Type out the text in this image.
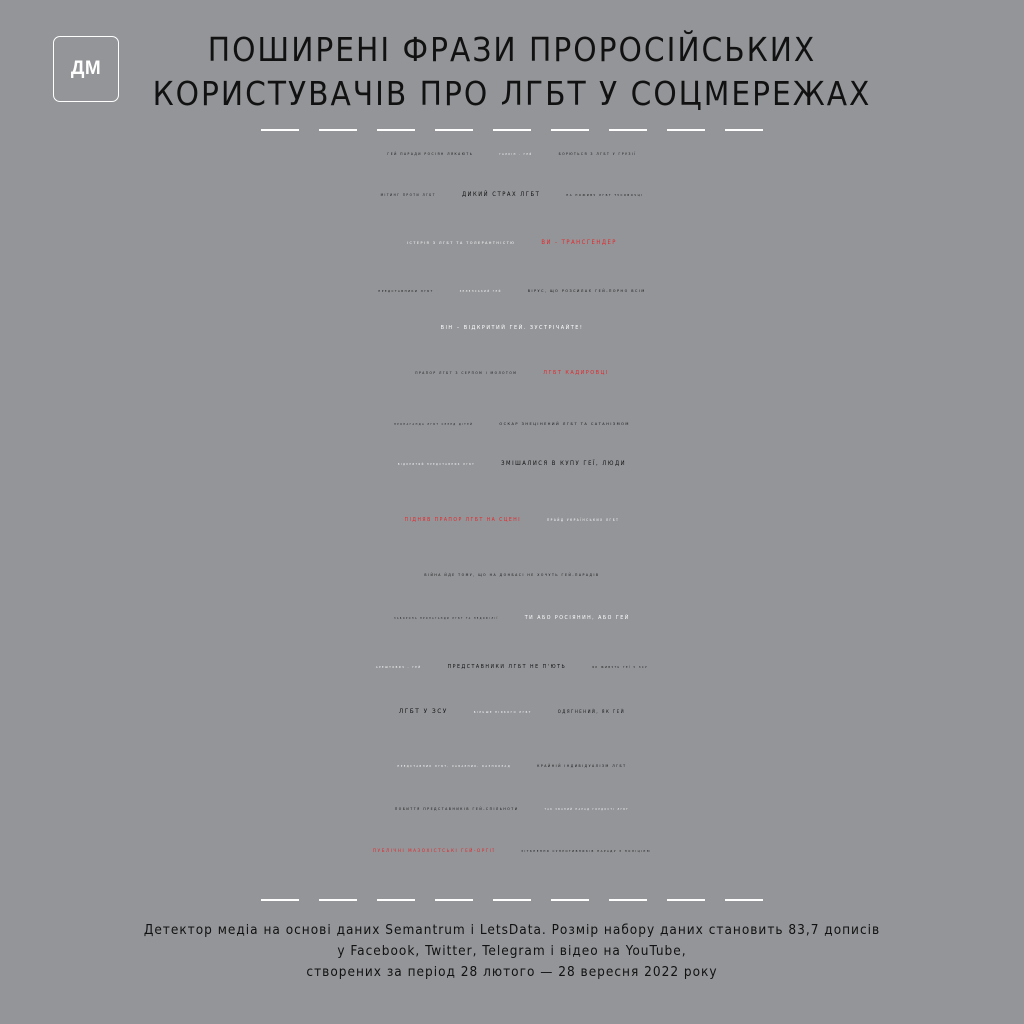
ДМ	ПОШИРЕНІ ФРАЗИ ПРОРОСІЙСЬКИХ
КОРИСТУВАЧІВ ПРО ЛГБТ У СОЦМЕРЕЖАХ
ГЕЙ ПАРАДИ РОСІЯН ЛЯКАЮТЬ	ГАЛКІН - ГЕЙ	БОРЮТЬСЯ З ЛГБТ У ГРУЗІЇ
МІТИНГ ПРОТИ ЛГБТ	ДИКИЙ СТРАХ ЛГБТ	НА ПОЖИВУ ЛГБТ ТУСОВОЧЦІ
ІСТЕРІЯ З ЛГБТ ТА ТОЛЕРАНТНІСТЮ	ВИ - ТРАНСГЕНДЕР
ПРЕДСТАВНИКИ ЛГБТ	ЗЕЛЕНСЬКИЙ ГЕЙ	ВІРУС, ЩО РОЗСИЛАЄ ГЕЙ-ПОРНО ВСІМ
ВІН – ВІДКРИТИЙ ГЕЙ. ЗУСТРІЧАЙТЕ!
ПРАПОР ЛГБТ З СЕРПОМ І МОЛОТОМ	ЛГБТ КАДИРОВЦІ
ПРОПАГАНДА ЛГБТ СЕРЕД ДІТЕЙ	ОСКАР ЗНЕЦІНЕНИЙ ЛГБТ ТА САТАНІЗМОМ
ВІДКРИТИЙ ПРЕДСТАВНИК ЛГБТ	ЗМІШАЛИСЯ В КУПУ ГЕЇ, ЛЮДИ
ПІДНЯВ ПРАПОР ЛГБТ НА СЦЕНІ	ПРАЙД УКРАЇНСЬКИХ ЛГБТ
ВІЙНА ЙДЕ ТОМУ, ЩО НА ДОНБАСІ НЕ ХОЧУТЬ ГЕЙ-ПАРАДІВ
ЗАБОРОНА ПРОПАГАНДИ ЛГБТ ТА ПЕДОФІЛІЇ	ТИ АБО РОСІЯНИН, АБО ГЕЙ
АРЕШТОВИЧ - ГЕЙ	ПРЕДСТАВНИКИ ЛГБТ НЕ П'ЮТЬ	ЯК ЖИВУТЬ ГЕЇ У ЗСУ
ЛГБТ У ЗСУ	БІЛЬШЕ НІЯКОГО ЛГБТ	ОДЯГНЕНИЙ, ЯК ГЕЙ
ПРЕДСТАВНИК ЛГБТ, ХАБАРНИК, КАЗНОКРАД	КРАЙНІЙ ІНДИВІДУАЛІЗМ ЛГБТ
ПОБИТТЯ ПРЕДСТАВНИКІВ ГЕЙ-СПІЛЬНОТИ	ТАК ЗВАНИЙ ПАРАД ГОРДОСТІ ЛГБТ
ПУБЛІЧНІ МАЗОХІСТСЬКІ ГЕЙ-ОРГІЇ	ЗІТКНЕННЯ СУПРОТИВНИКІВ ПАРАДУ З ПОЛІЦІЄЮ
Детектор медіа на основі даних Semantrum і LetsData. Розмір набору даних становить 83,7 дописів
у Facebook, Twitter, Telegram і відео на YouTube,
створених за період 28 лютого — 28 вересня 2022 року
